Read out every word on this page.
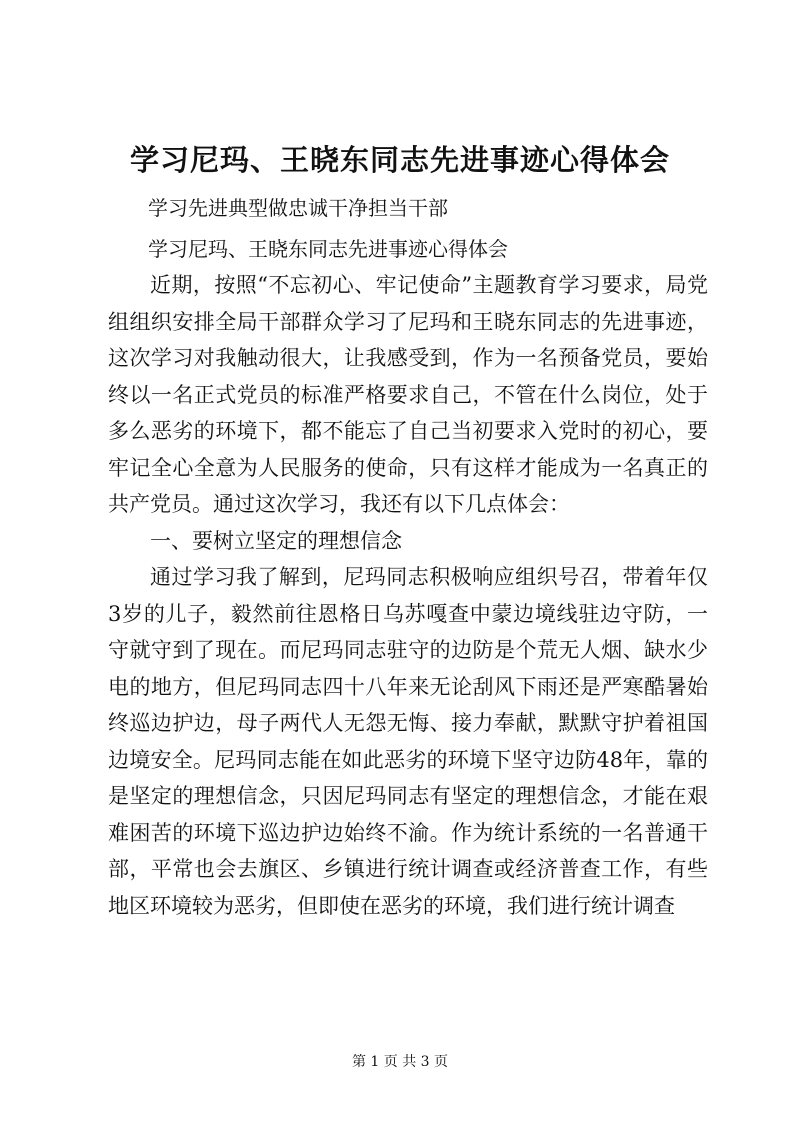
学习尼玛、王晓东同志先进事迹心得体会

学习先进典型做忠诚干净担当干部

学习尼玛、王晓东同志先进事迹心得体会

近期，按照“不忘初心、牢记使命”主题教育学习要求，局党组组织安排全局干部群众学习了尼玛和王晓东同志的先进事迹，这次学习对我触动很大，让我感受到，作为一名预备党员，要始终以一名正式党员的标准严格要求自己，不管在什么岗位，处于多么恶劣的环境下，都不能忘了自己当初要求入党时的初心，要牢记全心全意为人民服务的使命，只有这样才能成为一名真正的共产党员。通过这次学习，我还有以下几点体会：

一、要树立坚定的理想信念

通过学习我了解到，尼玛同志积极响应组织号召，带着年仅3岁的儿子，毅然前往恩格日乌苏嘎查中蒙边境线驻边守防，一守就守到了现在。而尼玛同志驻守的边防是个荒无人烟、缺水少电的地方，但尼玛同志四十八年来无论刮风下雨还是严寒酷暑始终巡边护边，母子两代人无怨无悔、接力奉献，默默守护着祖国边境安全。尼玛同志能在如此恶劣的环境下坚守边防48年，靠的是坚定的理想信念，只因尼玛同志有坚定的理想信念，才能在艰难困苦的环境下巡边护边始终不渝。作为统计系统的一名普通干部，平常也会去旗区、乡镇进行统计调查或经济普查工作，有些地区环境较为恶劣，但即使在恶劣的环境，我们进行统计调查

第 1 页 共 3 页
